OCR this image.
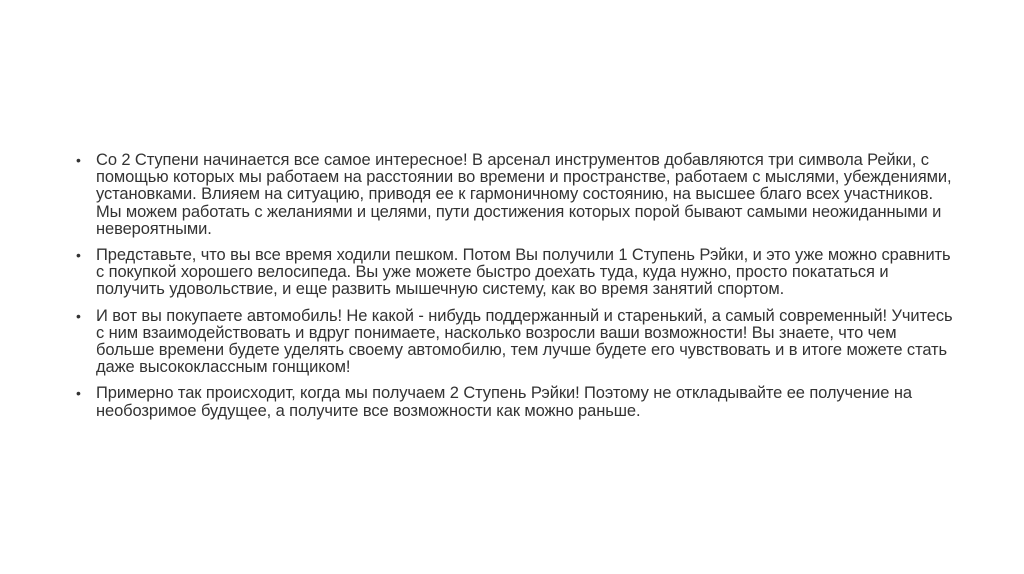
• Со 2 Ступени начинается все самое интересное! В арсенал инструментов добавляются три символа Рейки, с помощью которых мы работаем на расстоянии во времени и пространстве, работаем с мыслями, убеждениями, установками. Влияем на ситуацию, приводя ее к гармоничному состоянию, на высшее благо всех участников. Мы можем работать с желаниями и целями, пути достижения которых порой бывают самыми неожиданными и невероятными.
• Представьте, что вы все время ходили пешком. Потом Вы получили 1 Ступень Рэйки, и это уже можно сравнить с покупкой хорошего велосипеда. Вы уже можете быстро доехать туда, куда нужно, просто покататься и получить удовольствие, и еще развить мышечную систему, как во время занятий спортом.
• И вот вы покупаете автомобиль! Не какой - нибудь поддержанный и старенький, а самый современный! Учитесь с ним взаимодействовать и вдруг понимаете, насколько возросли ваши возможности! Вы знаете, что чем больше времени будете уделять своему автомобилю, тем лучше будете его чувствовать и в итоге можете стать даже высококлассным гонщиком!
• Примерно так происходит, когда мы получаем 2 Ступень Рэйки! Поэтому не откладывайте ее получение на необозримое будущее, а получите все возможности как можно раньше.
